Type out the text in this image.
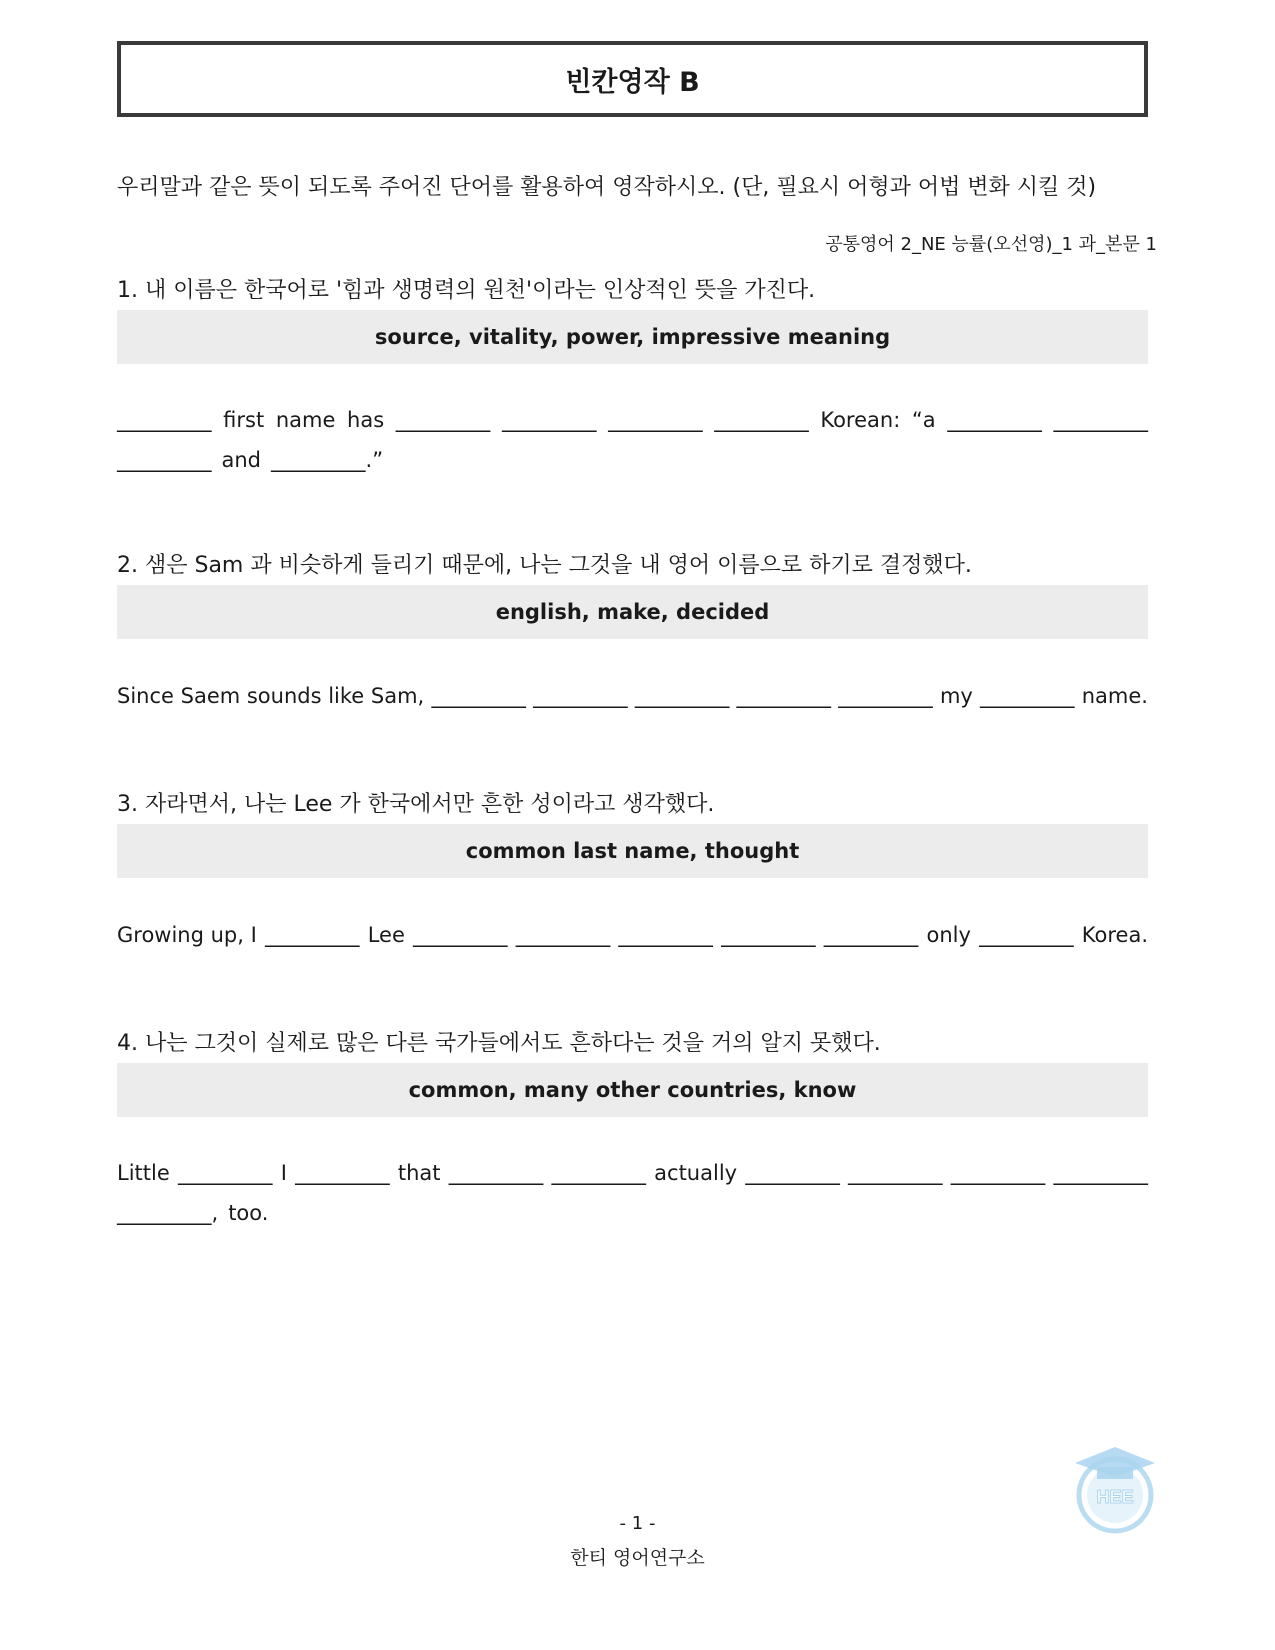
빈칸영작 B
우리말과 같은 뜻이 되도록 주어진 단어를 활용하여 영작하시오. (단, 필요시 어형과 어법 변화 시킬 것)
공통영어 2_NE 능률(오선영)_1 과_본문 1
1. 내 이름은 한국어로 '힘과 생명력의 원천'이라는 인상적인 뜻을 가진다.
source, vitality, power, impressive meaning
_________ first name has _________ _________ _________ _________ Korean: “a _________ _________
_________ and _________.”
2. 샘은 Sam 과 비슷하게 들리기 때문에, 나는 그것을 내 영어 이름으로 하기로 결정했다.
english, make, decided
Since Saem sounds like Sam, _________ _________ _________ _________ _________ my _________ name.
3. 자라면서, 나는 Lee 가 한국에서만 흔한 성이라고 생각했다.
common last name, thought
Growing up, I _________ Lee _________ _________ _________ _________ _________ only _________ Korea.
4. 나는 그것이 실제로 많은 다른 국가들에서도 흔하다는 것을 거의 알지 못했다.
common, many other countries, know
Little _________ I _________ that _________ _________ actually _________ _________ _________ _________
_________, too.
HEE
- 1 -
한티 영어연구소
